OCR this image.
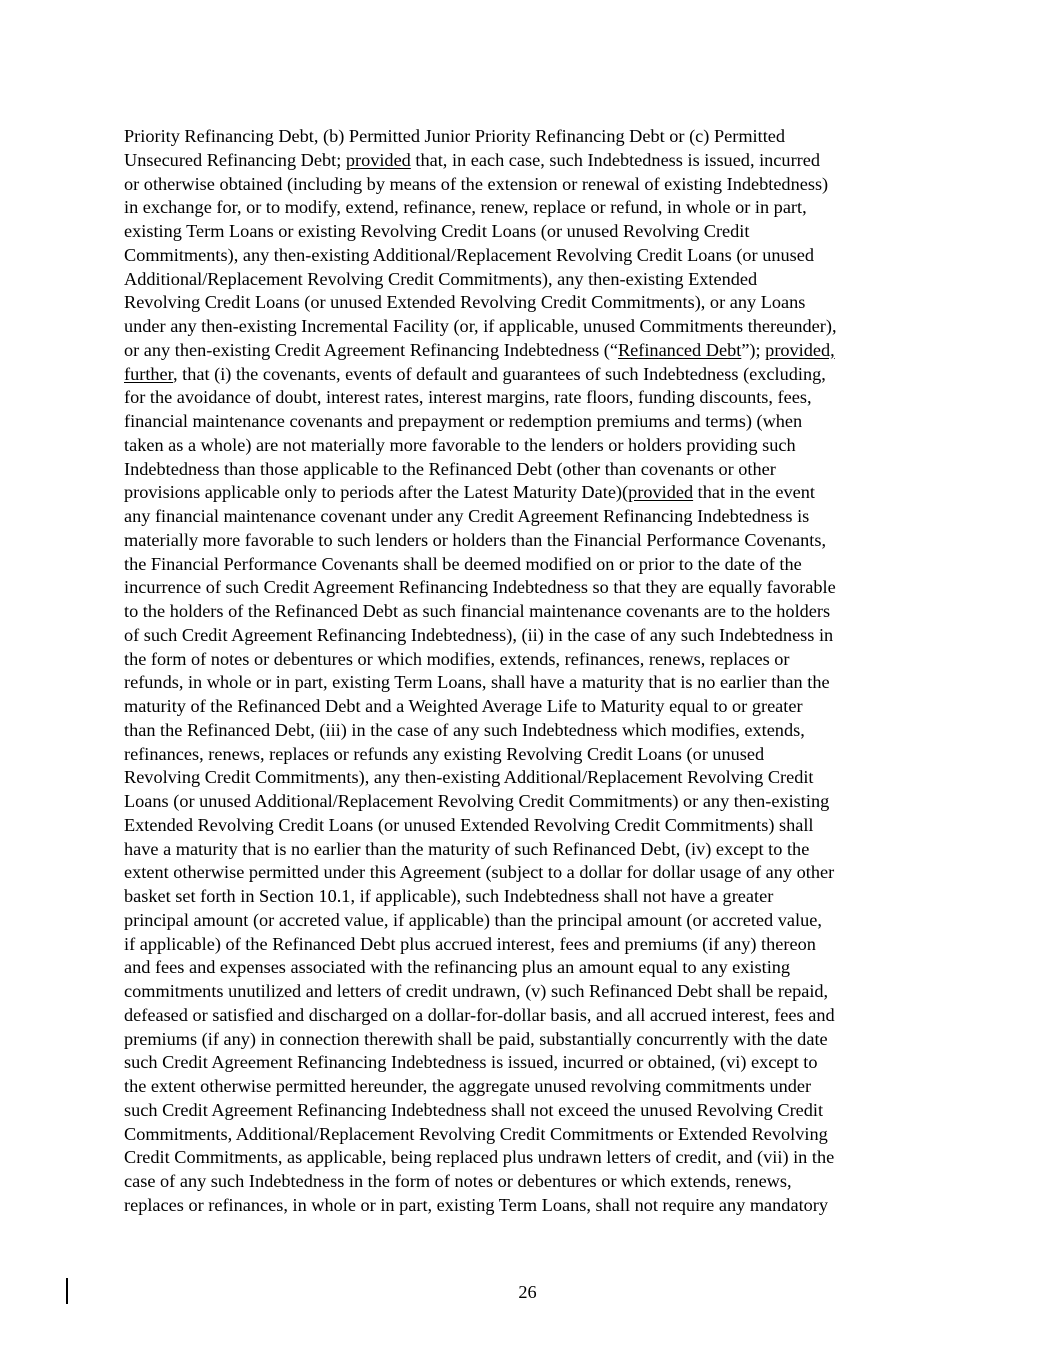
Priority Refinancing Debt, (b) Permitted Junior Priority Refinancing Debt or (c) Permitted
Unsecured Refinancing Debt; provided that, in each case, such Indebtedness is issued, incurred
or otherwise obtained (including by means of the extension or renewal of existing Indebtedness)
in exchange for, or to modify, extend, refinance, renew, replace or refund, in whole or in part,
existing Term Loans or existing Revolving Credit Loans (or unused Revolving Credit
Commitments), any then-existing Additional/Replacement Revolving Credit Loans (or unused
Additional/Replacement Revolving Credit Commitments), any then-existing Extended
Revolving Credit Loans (or unused Extended Revolving Credit Commitments), or any Loans
under any then-existing Incremental Facility (or, if applicable, unused Commitments thereunder),
or any then-existing Credit Agreement Refinancing Indebtedness (“Refinanced Debt”); provided,
further, that (i) the covenants, events of default and guarantees of such Indebtedness (excluding,
for the avoidance of doubt, interest rates, interest margins, rate floors, funding discounts, fees,
financial maintenance covenants and prepayment or redemption premiums and terms) (when
taken as a whole) are not materially more favorable to the lenders or holders providing such
Indebtedness than those applicable to the Refinanced Debt (other than covenants or other
provisions applicable only to periods after the Latest Maturity Date)(provided that in the event
any financial maintenance covenant under any Credit Agreement Refinancing Indebtedness is
materially more favorable to such lenders or holders than the Financial Performance Covenants,
the Financial Performance Covenants shall be deemed modified on or prior to the date of the
incurrence of such Credit Agreement Refinancing Indebtedness so that they are equally favorable
to the holders of the Refinanced Debt as such financial maintenance covenants are to the holders
of such Credit Agreement Refinancing Indebtedness), (ii) in the case of any such Indebtedness in
the form of notes or debentures or which modifies, extends, refinances, renews, replaces or
refunds, in whole or in part, existing Term Loans, shall have a maturity that is no earlier than the
maturity of the Refinanced Debt and a Weighted Average Life to Maturity equal to or greater
than the Refinanced Debt, (iii) in the case of any such Indebtedness which modifies, extends,
refinances, renews, replaces or refunds any existing Revolving Credit Loans (or unused
Revolving Credit Commitments), any then-existing Additional/Replacement Revolving Credit
Loans (or unused Additional/Replacement Revolving Credit Commitments) or any then-existing
Extended Revolving Credit Loans (or unused Extended Revolving Credit Commitments) shall
have a maturity that is no earlier than the maturity of such Refinanced Debt, (iv) except to the
extent otherwise permitted under this Agreement (subject to a dollar for dollar usage of any other
basket set forth in Section 10.1, if applicable), such Indebtedness shall not have a greater
principal amount (or accreted value, if applicable) than the principal amount (or accreted value,
if applicable) of the Refinanced Debt plus accrued interest, fees and premiums (if any) thereon
and fees and expenses associated with the refinancing plus an amount equal to any existing
commitments unutilized and letters of credit undrawn, (v) such Refinanced Debt shall be repaid,
defeased or satisfied and discharged on a dollar-for-dollar basis, and all accrued interest, fees and
premiums (if any) in connection therewith shall be paid, substantially concurrently with the date
such Credit Agreement Refinancing Indebtedness is issued, incurred or obtained, (vi) except to
the extent otherwise permitted hereunder, the aggregate unused revolving commitments under
such Credit Agreement Refinancing Indebtedness shall not exceed the unused Revolving Credit
Commitments, Additional/Replacement Revolving Credit Commitments or Extended Revolving
Credit Commitments, as applicable, being replaced plus undrawn letters of credit, and (vii) in the
case of any such Indebtedness in the form of notes or debentures or which extends, renews,
replaces or refinances, in whole or in part, existing Term Loans, shall not require any mandatory
26
